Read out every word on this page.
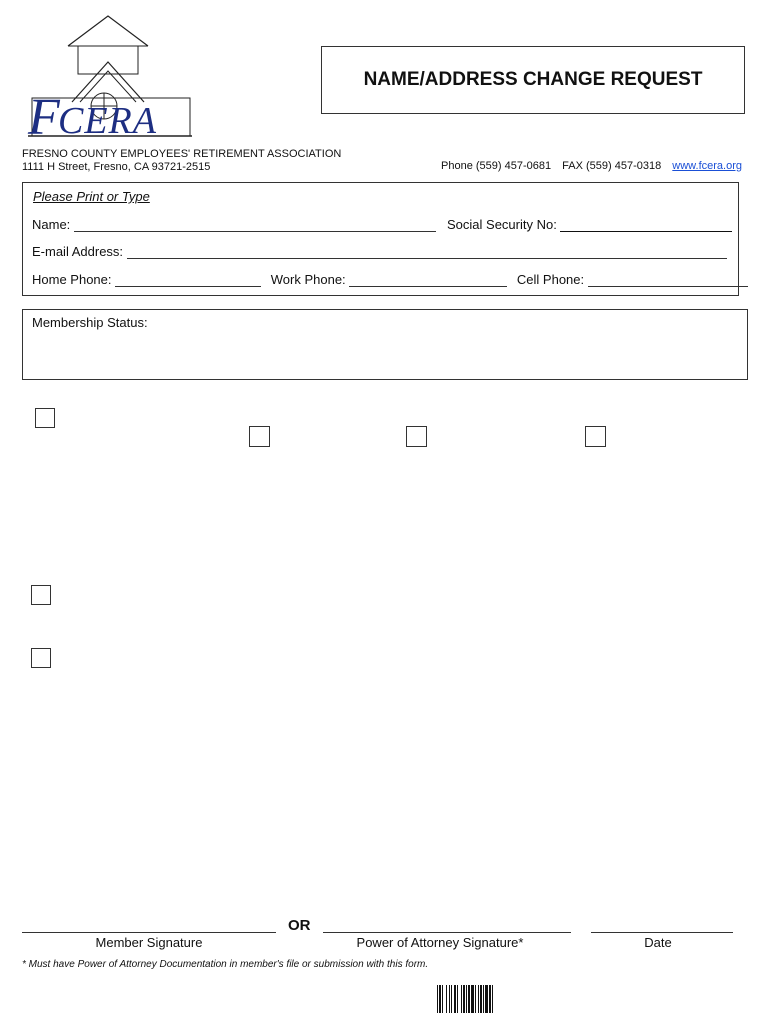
F
CERA
NAME/ADDRESS CHANGE REQUEST
FRESNO COUNTY EMPLOYEES' RETIREMENT ASSOCIATION
1111 H Street, Fresno, CA 93721-2515	Phone (559) 457-0681 FAX (559) 457-0318 www.fcera.org
Please Print or Type
Name:	Social Security No:
E-mail Address:
Home Phone:	Work Phone:	Cell Phone:
Membership Status:
OR
Member Signature	Power of Attorney Signature*	Date
* Must have Power of Attorney Documentation in member's file or submission with this form.
